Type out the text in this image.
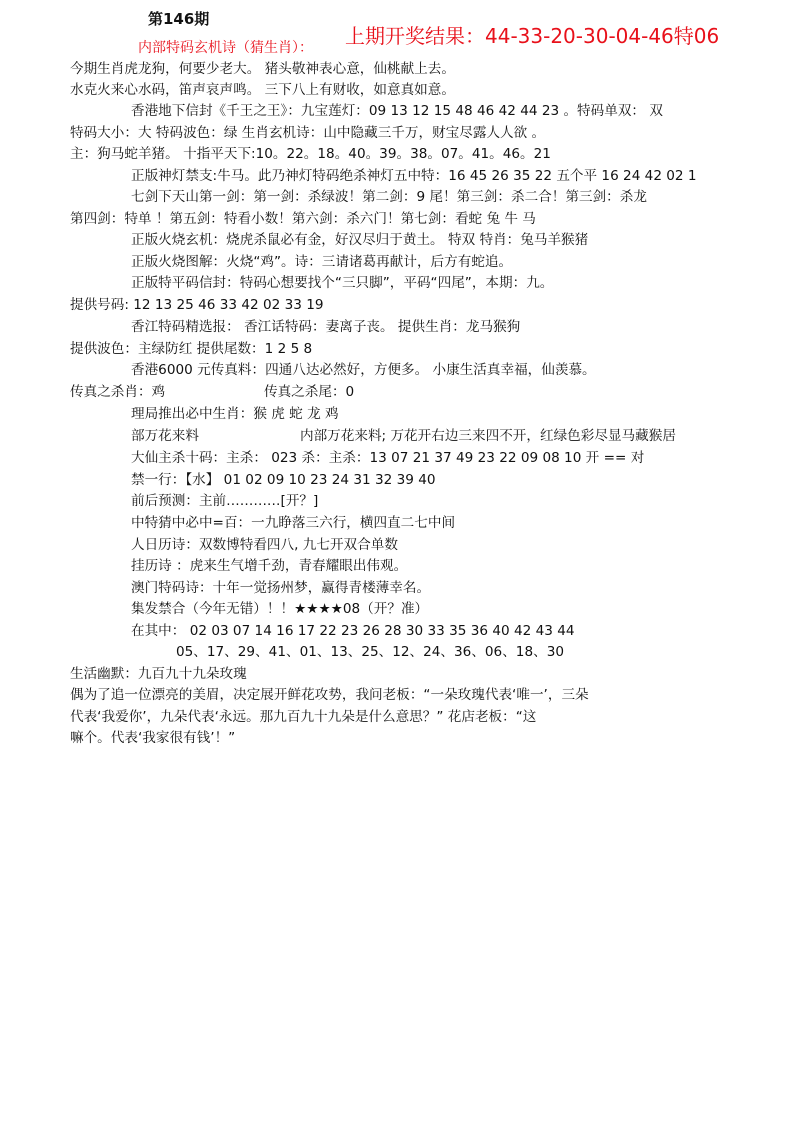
第146期
上期开奖结果：44-33-20-30-04-46特06
内部特码玄机诗（猜生肖）：
今期生肖虎龙狗，何要少老大。 猪头敬神表心意，仙桃献上去。
水克火来心水码，笛声哀声鸣。 三下八上有财收，如意真如意。
香港地下信封《千王之王》：九宝莲灯：09 13 12 15 48 46 42 44 23 。特码单双： 双
特码大小：大 特码波色：绿 生肖玄机诗：山中隐藏三千万，财宝尽露人人欲 。
主：狗马蛇羊猪。 十指平天下:10。22。18。40。39。38。07。41。46。21
正版神灯禁支:牛马。此乃神灯特码绝杀神灯五中特：16 45 26 35 22 五个平 16 24 42 02 1
七剑下天山第一剑：第一剑：杀绿波！第二剑：9 尾！第三剑：杀二合！第三剑：杀龙
第四剑：特单 ！第五剑：特看小数！第六剑：杀六门！第七剑：看蛇 兔 牛 马
正版火烧玄机：烧虎杀鼠必有金，好汉尽归于黄土。 特双 特肖：兔马羊猴猪
正版火烧图解：火烧“鸡”。诗：三请诸葛再献计，后方有蛇追。
正版特平码信封：特码心想要找个“三只脚”，平码“四尾”，本期：九。
提供号码: 12 13 25 46 33 42 02 33 19
香江特码精选报： 香江话特码：妻离子丧。 提供生肖：龙马猴狗
提供波色：主绿防红 提供尾数：1 2 5 8
香港6000 元传真料：四通八达必然好，方便多。 小康生活真幸福，仙羡慕。
传真之杀肖：鸡	传真之杀尾：0
理局推出必中生肖：猴 虎 蛇 龙 鸡
部万花来料	内部万花来料; 万花开右边三来四不开，红绿色彩尽显马藏猴居
大仙主杀十码：主杀： 023 杀：主杀：13 07 21 37 49 23 22 09 08 10 开 == 对
禁一行：【水】 01 02 09 10 23 24 31 32 39 40
前后预测：主前…………[开？]
中特猜中必中=百：一九睁落三六行，横四直二七中间
人日历诗：双数博特看四八, 九七开双合单数
挂历诗 ：虎来生气增千劲，青春耀眼出伟观。
澳门特码诗：十年一觉扬州梦，赢得青楼薄幸名。
集发禁合（今年无错）！！★★★★08（开？准）
在其中： 02 03 07 14 16 17 22 23 26 28 30 33 35 36 40 42 43 44
05、17、29、41、01、13、25、12、24、36、06、18、30
生活幽默：九百九十九朵玫瑰
偶为了追一位漂亮的美眉，决定展开鲜花攻势，我问老板：“一朵玫瑰代表‘唯一’，三朵
代表‘我爱你’，九朵代表‘永远。那九百九十九朵是什么意思？” 花店老板：“这
嘛个。代表‘我家很有钱’！”
